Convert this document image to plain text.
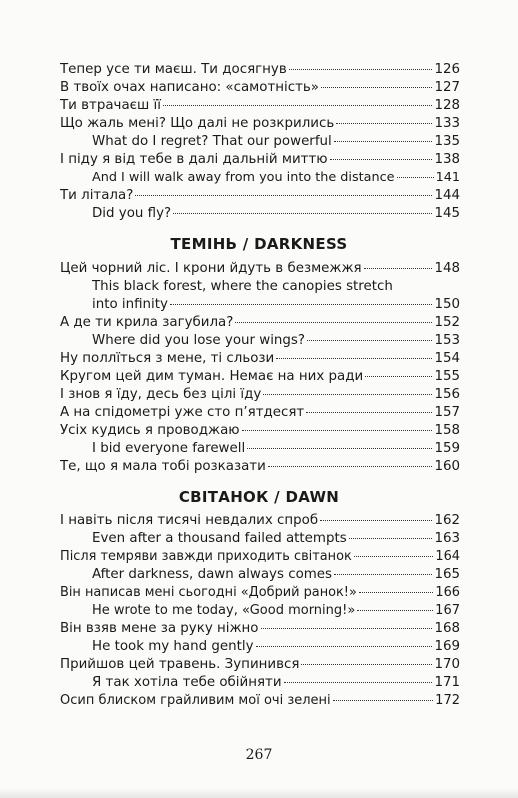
Тепер усе ти маєш. Ти досягнув	126
В твоїх очах написано: «самотність»	127
Ти втрачаєш її	128
Що жаль мені? Що далі не розкрились	133
What do I regret? That our powerful	135
І піду я від тебе в далі дальній миттю	138
And I will walk away from you into the distance	141
Ти літала?	144
Did you fly?	145
ТЕМІНЬ / DARKNESS
Цей чорний ліс. І крони йдуть в безмежжя	148
This black forest, where the canopies stretch
into infinity	150
А де ти крила загубила?	152
Where did you lose your wings?	153
Ну поллїться з мене, ті сльози	154
Кругом цей дим туман. Немає на них ради	155
І знов я їду, десь без цілі їду	156
А на спідометрі уже сто п’ятдесят	157
Усіх кудись я проводжаю	158
I bid everyone farewell	159
Те, що я мала тобі розказати	160
СВІТАНОК / DAWN
І навіть після тисячі невдалих спроб	162
Even after a thousand failed attempts	163
Після темряви завжди приходить світанок	164
After darkness, dawn always comes	165
Він написав мені сьогодні «Добрий ранок!»	166
He wrote to me today, «Good morning!»	167
Він взяв мене за руку ніжно	168
He took my hand gently	169
Прийшов цей травень. Зупинився	170
Я так хотіла тебе обійняти	171
Осип блиском грайливим мої очі зелені	172
267
